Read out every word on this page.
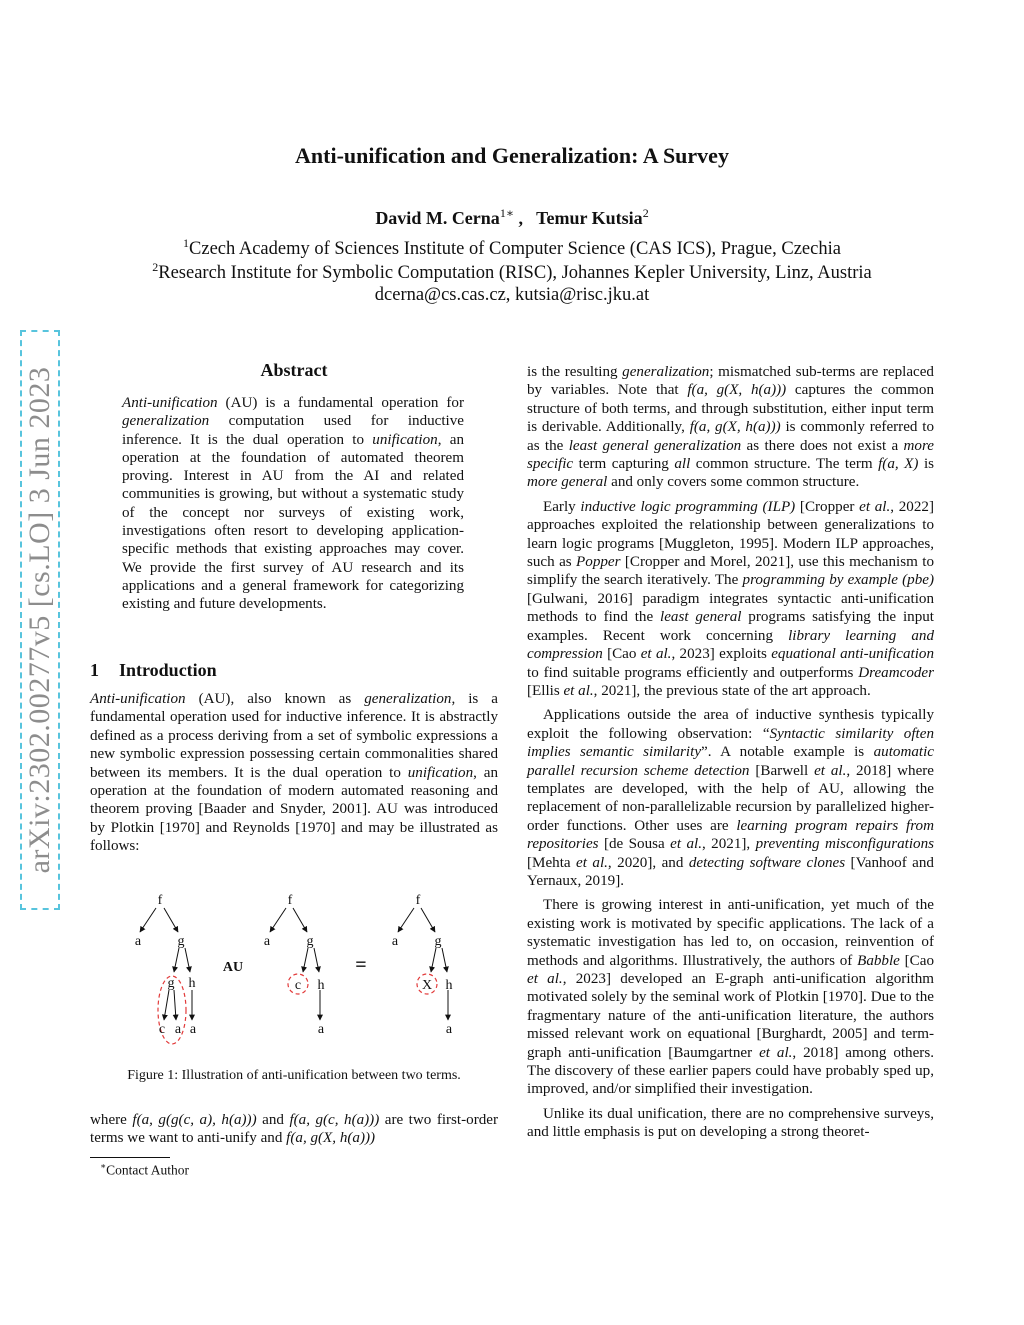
arXiv:2302.00277v5 [cs.LO] 3 Jun 2023
Anti-unification and Generalization: A Survey
David M. Cerna$^{1∗}$ ,   Temur Kutsia$^2$
$^1$Czech Academy of Sciences Institute of Computer Science (CAS ICS), Prague, Czechia
$^2$Research Institute for Symbolic Computation (RISC), Johannes Kepler University, Linz, Austria
dcerna@cs.cas.cz, kutsia@risc.jku.at
Abstract

Anti-unification (AU) is a fundamental operation for generalization computation used for inductive inference. It is the dual operation to unification, an operation at the foundation of automated theorem proving. Interest in AU from the AI and related communities is growing, but without a systematic study of the concept nor surveys of existing work, investigations often resort to developing application-specific methods that existing approaches may cover. We provide the first survey of AU research and its applications and a general framework for categorizing existing and future developments.

1 Introduction

Anti-unification (AU), also known as generalization, is a fundamental operation used for inductive inference. It is abstractly defined as a process deriving from a set of symbolic expressions a new symbolic expression possessing certain commonalities shared between its members. It is the dual operation to unification, an operation at the foundation of modern automated reasoning and theorem proving [Baader and Snyder, 2001]. AU was introduced by Plotkin [1970] and Reynolds [1970] and may be illustrated as follows:

f
a	g
g h
c a a
AU
f
a	g
c h
a
=
f
a	g
X h
a
Figure 1: Illustration of anti-unification between two terms.

where f(a, g(g(c, a), h(a))) and f(a, g(c, h(a))) are two first-order terms we want to anti-unify and f(a, g(X, h(a)))

∗Contact Author

is the resulting generalization; mismatched sub-terms are replaced by variables. Note that f(a, g(X, h(a))) captures the common structure of both terms, and through substitution, either input term is derivable. Additionally, f(a, g(X, h(a))) is commonly referred to as the least general generalization as there does not exist a more specific term capturing all common structure. The term f(a, X) is more general and only covers some common structure.

Early inductive logic programming (ILP) [Cropper et al., 2022] approaches exploited the relationship between generalizations to learn logic programs [Muggleton, 1995]. Modern ILP approaches, such as Popper [Cropper and Morel, 2021], use this mechanism to simplify the search iteratively. The programming by example (pbe) [Gulwani, 2016] paradigm integrates syntactic anti-unification methods to find the least general programs satisfying the input examples. Recent work concerning library learning and compression [Cao et al., 2023] exploits equational anti-unification to find suitable programs efficiently and outperforms Dreamcoder [Ellis et al., 2021], the previous state of the art approach.

Applications outside the area of inductive synthesis typically exploit the following observation: “Syntactic similarity often implies semantic similarity”. A notable example is automatic parallel recursion scheme detection [Barwell et al., 2018] where templates are developed, with the help of AU, allowing the replacement of non-parallelizable recursion by parallelized higher-order functions. Other uses are learning program repairs from repositories [de Sousa et al., 2021], preventing misconfigurations [Mehta et al., 2020], and detecting software clones [Vanhoof and Yernaux, 2019].

There is growing interest in anti-unification, yet much of the existing work is motivated by specific applications. The lack of a systematic investigation has led to, on occasion, reinvention of methods and algorithms. Illustratively, the authors of Babble [Cao et al., 2023] developed an E-graph anti-unification algorithm motivated solely by the seminal work of Plotkin [1970]. Due to the fragmentary nature of the anti-unification literature, the authors missed relevant work on equational [Burghardt, 2005] and term-graph anti-unification [Baumgartner et al., 2018] among others. The discovery of these earlier papers could have probably sped up, improved, and/or simplified their investigation.

Unlike its dual unification, there are no comprehensive surveys, and little emphasis is put on developing a strong theoret-
